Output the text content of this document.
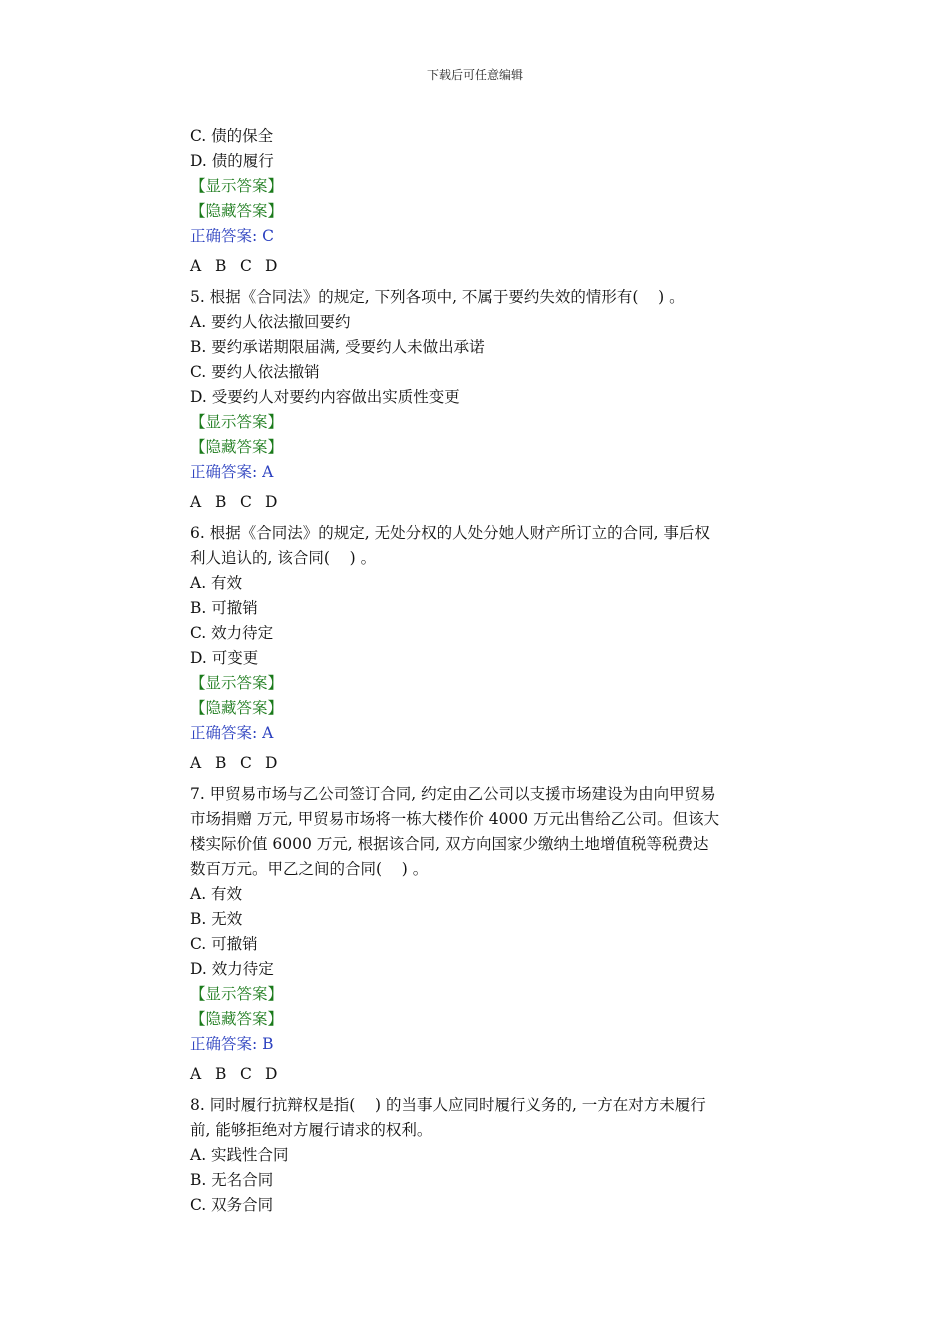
下载后可任意编辑
C. 债的保全
D. 债的履行
【显示答案】
【隐藏答案】
正确答案: C
A B C D
5. 根据《合同法》的规定, 下列各项中, 不属于要约失效的情形有(    ) 。
A. 要约人依法撤回要约
B. 要约承诺期限届满, 受要约人未做出承诺
C. 要约人依法撤销
D. 受要约人对要约内容做出实质性变更
【显示答案】
【隐藏答案】
正确答案: A
A B C D
6. 根据《合同法》的规定, 无处分权的人处分她人财产所订立的合同, 事后权
利人追认的, 该合同(    ) 。
A. 有效
B. 可撤销
C. 效力待定
D. 可变更
【显示答案】
【隐藏答案】
正确答案: A
A B C D
7. 甲贸易市场与乙公司签订合同, 约定由乙公司以支援市场建设为由向甲贸易
市场捐赠 万元, 甲贸易市场将一栋大楼作价 4000 万元出售给乙公司。但该大
楼实际价值 6000 万元, 根据该合同, 双方向国家少缴纳土地增值税等税费达
数百万元。甲乙之间的合同(    ) 。
A. 有效
B. 无效
C. 可撤销
D. 效力待定
【显示答案】
【隐藏答案】
正确答案: B
A B C D
8. 同时履行抗辩权是指(    ) 的当事人应同时履行义务的, 一方在对方未履行
前, 能够拒绝对方履行请求的权利。
A. 实践性合同
B. 无名合同
C. 双务合同
